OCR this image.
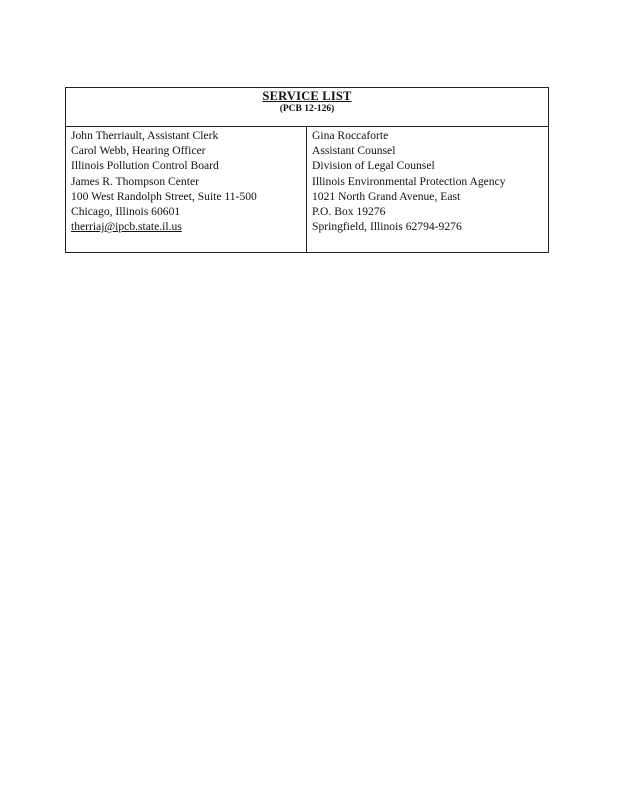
SERVICE LIST
(PCB 12-126)
John Therriault, Assistant Clerk
Carol Webb, Hearing Officer
Illinois Pollution Control Board
James R. Thompson Center
100 West Randolph Street, Suite 11-500
Chicago, Illinois 60601
therriaj@ipcb.state.il.us
Gina Roccaforte
Assistant Counsel
Division of Legal Counsel
Illinois Environmental Protection Agency
1021 North Grand Avenue, East
P.O. Box 19276
Springfield, Illinois 62794-9276
